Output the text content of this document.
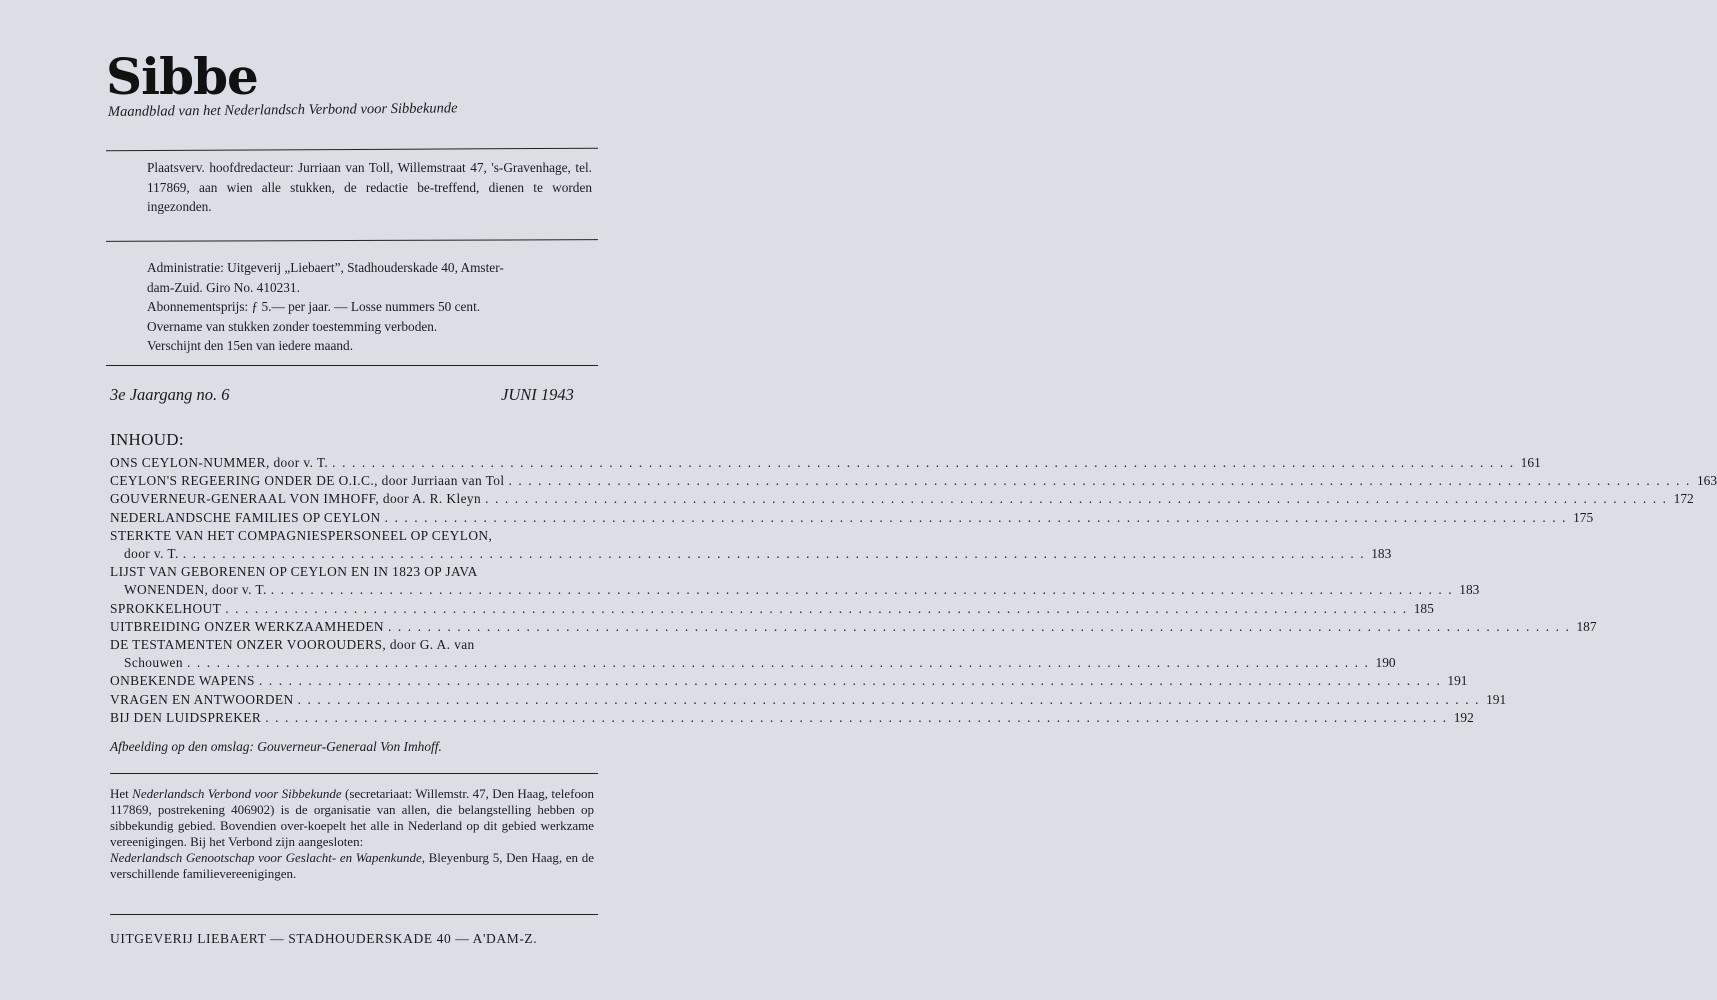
Sibbe
Maandblad van het Nederlandsch Verbond voor Sibbekunde
Plaatsverv. hoofdredacteur: Jurriaan van Toll, Willemstraat 47, 's-Gravenhage, tel. 117869, aan wien alle stukken, de redactie be-treffend, dienen te worden ingezonden.
Administratie: Uitgeverij „Liebaert”, Stadhouderskade 40, Amster-
dam-Zuid. Giro No. 410231.
Abonnementsprijs: ƒ 5.— per jaar. — Losse nummers 50 cent.
Overname van stukken zonder toestemming verboden.
Verschijnt den 15en van iedere maand.
3e Jaargang no. 6	JUNI 1943
INHOUD:
ONS CEYLON-NUMMER, door v. T. . . . . . . . . . . . . . . . . . . . . . . . . . . . . . . . . . . . . . . . . . . . . . . . . . . . . . . . . . . . . . . . . . . . . . . . . . . . . . . . . . . . . . . . . . . . . . . . . . . . . . . . . . . . . . . . . . . . . . . . . 161
CEYLON'S REGEERING ONDER DE O.I.C., door Jurriaan van Tol . . . . . . . . . . . . . . . . . . . . . . . . . . . . . . . . . . . . . . . . . . . . . . . . . . . . . . . . . . . . . . . . . . . . . . . . . . . . . . . . . . . . . . . . . . . . . . . . . . . . . . . . . . . . . . . . . . . . . . . . 163
GOUVERNEUR-GENERAAL VON IMHOFF, door A. R. Kleyn . . . . . . . . . . . . . . . . . . . . . . . . . . . . . . . . . . . . . . . . . . . . . . . . . . . . . . . . . . . . . . . . . . . . . . . . . . . . . . . . . . . . . . . . . . . . . . . . . . . . . . . . . . . . . . . . . . . . . . . . 172
NEDERLANDSCHE FAMILIES OP CEYLON . . . . . . . . . . . . . . . . . . . . . . . . . . . . . . . . . . . . . . . . . . . . . . . . . . . . . . . . . . . . . . . . . . . . . . . . . . . . . . . . . . . . . . . . . . . . . . . . . . . . . . . . . . . . . . . . . . . . . . . . 175
STERKTE VAN HET COMPAGNIESPERSONEEL OP CEYLON,
door v. T. . . . . . . . . . . . . . . . . . . . . . . . . . . . . . . . . . . . . . . . . . . . . . . . . . . . . . . . . . . . . . . . . . . . . . . . . . . . . . . . . . . . . . . . . . . . . . . . . . . . . . . . . . . . . . . . . . . . . . . . . 183
LIJST VAN GEBORENEN OP CEYLON EN IN 1823 OP JAVA
WONENDEN, door v. T. . . . . . . . . . . . . . . . . . . . . . . . . . . . . . . . . . . . . . . . . . . . . . . . . . . . . . . . . . . . . . . . . . . . . . . . . . . . . . . . . . . . . . . . . . . . . . . . . . . . . . . . . . . . . . . . . . . . . . . . . 183
SPROKKELHOUT . . . . . . . . . . . . . . . . . . . . . . . . . . . . . . . . . . . . . . . . . . . . . . . . . . . . . . . . . . . . . . . . . . . . . . . . . . . . . . . . . . . . . . . . . . . . . . . . . . . . . . . . . . . . . . . . . . . . . . . . 185
UITBREIDING ONZER WERKZAAMHEDEN . . . . . . . . . . . . . . . . . . . . . . . . . . . . . . . . . . . . . . . . . . . . . . . . . . . . . . . . . . . . . . . . . . . . . . . . . . . . . . . . . . . . . . . . . . . . . . . . . . . . . . . . . . . . . . . . . . . . . . . . 187
DE TESTAMENTEN ONZER VOOROUDERS, door G. A. van
Schouwen . . . . . . . . . . . . . . . . . . . . . . . . . . . . . . . . . . . . . . . . . . . . . . . . . . . . . . . . . . . . . . . . . . . . . . . . . . . . . . . . . . . . . . . . . . . . . . . . . . . . . . . . . . . . . . . . . . . . . . . . 190
ONBEKENDE WAPENS . . . . . . . . . . . . . . . . . . . . . . . . . . . . . . . . . . . . . . . . . . . . . . . . . . . . . . . . . . . . . . . . . . . . . . . . . . . . . . . . . . . . . . . . . . . . . . . . . . . . . . . . . . . . . . . . . . . . . . . . 191
VRAGEN EN ANTWOORDEN . . . . . . . . . . . . . . . . . . . . . . . . . . . . . . . . . . . . . . . . . . . . . . . . . . . . . . . . . . . . . . . . . . . . . . . . . . . . . . . . . . . . . . . . . . . . . . . . . . . . . . . . . . . . . . . . . . . . . . . . 191
BIJ DEN LUIDSPREKER . . . . . . . . . . . . . . . . . . . . . . . . . . . . . . . . . . . . . . . . . . . . . . . . . . . . . . . . . . . . . . . . . . . . . . . . . . . . . . . . . . . . . . . . . . . . . . . . . . . . . . . . . . . . . . . . . . . . . . . . 192
Afbeelding op den omslag: Gouverneur-Generaal Von Imhoff.
Het Nederlandsch Verbond voor Sibbekunde (secretariaat: Willemstr. 47, Den Haag, telefoon 117869, postrekening 406902) is de organisatie van allen, die belangstelling hebben op sibbekundig gebied. Bovendien over-koepelt het alle in Nederland op dit gebied werkzame vereenigingen. Bij het Verbond zijn aangesloten:
Nederlandsch Genootschap voor Geslacht- en Wapenkunde, Bleyenburg 5, Den Haag, en de verschillende familievereenigingen.
UITGEVERIJ LIEBAERT — STADHOUDERSKADE 40 — A'DAM-Z.
